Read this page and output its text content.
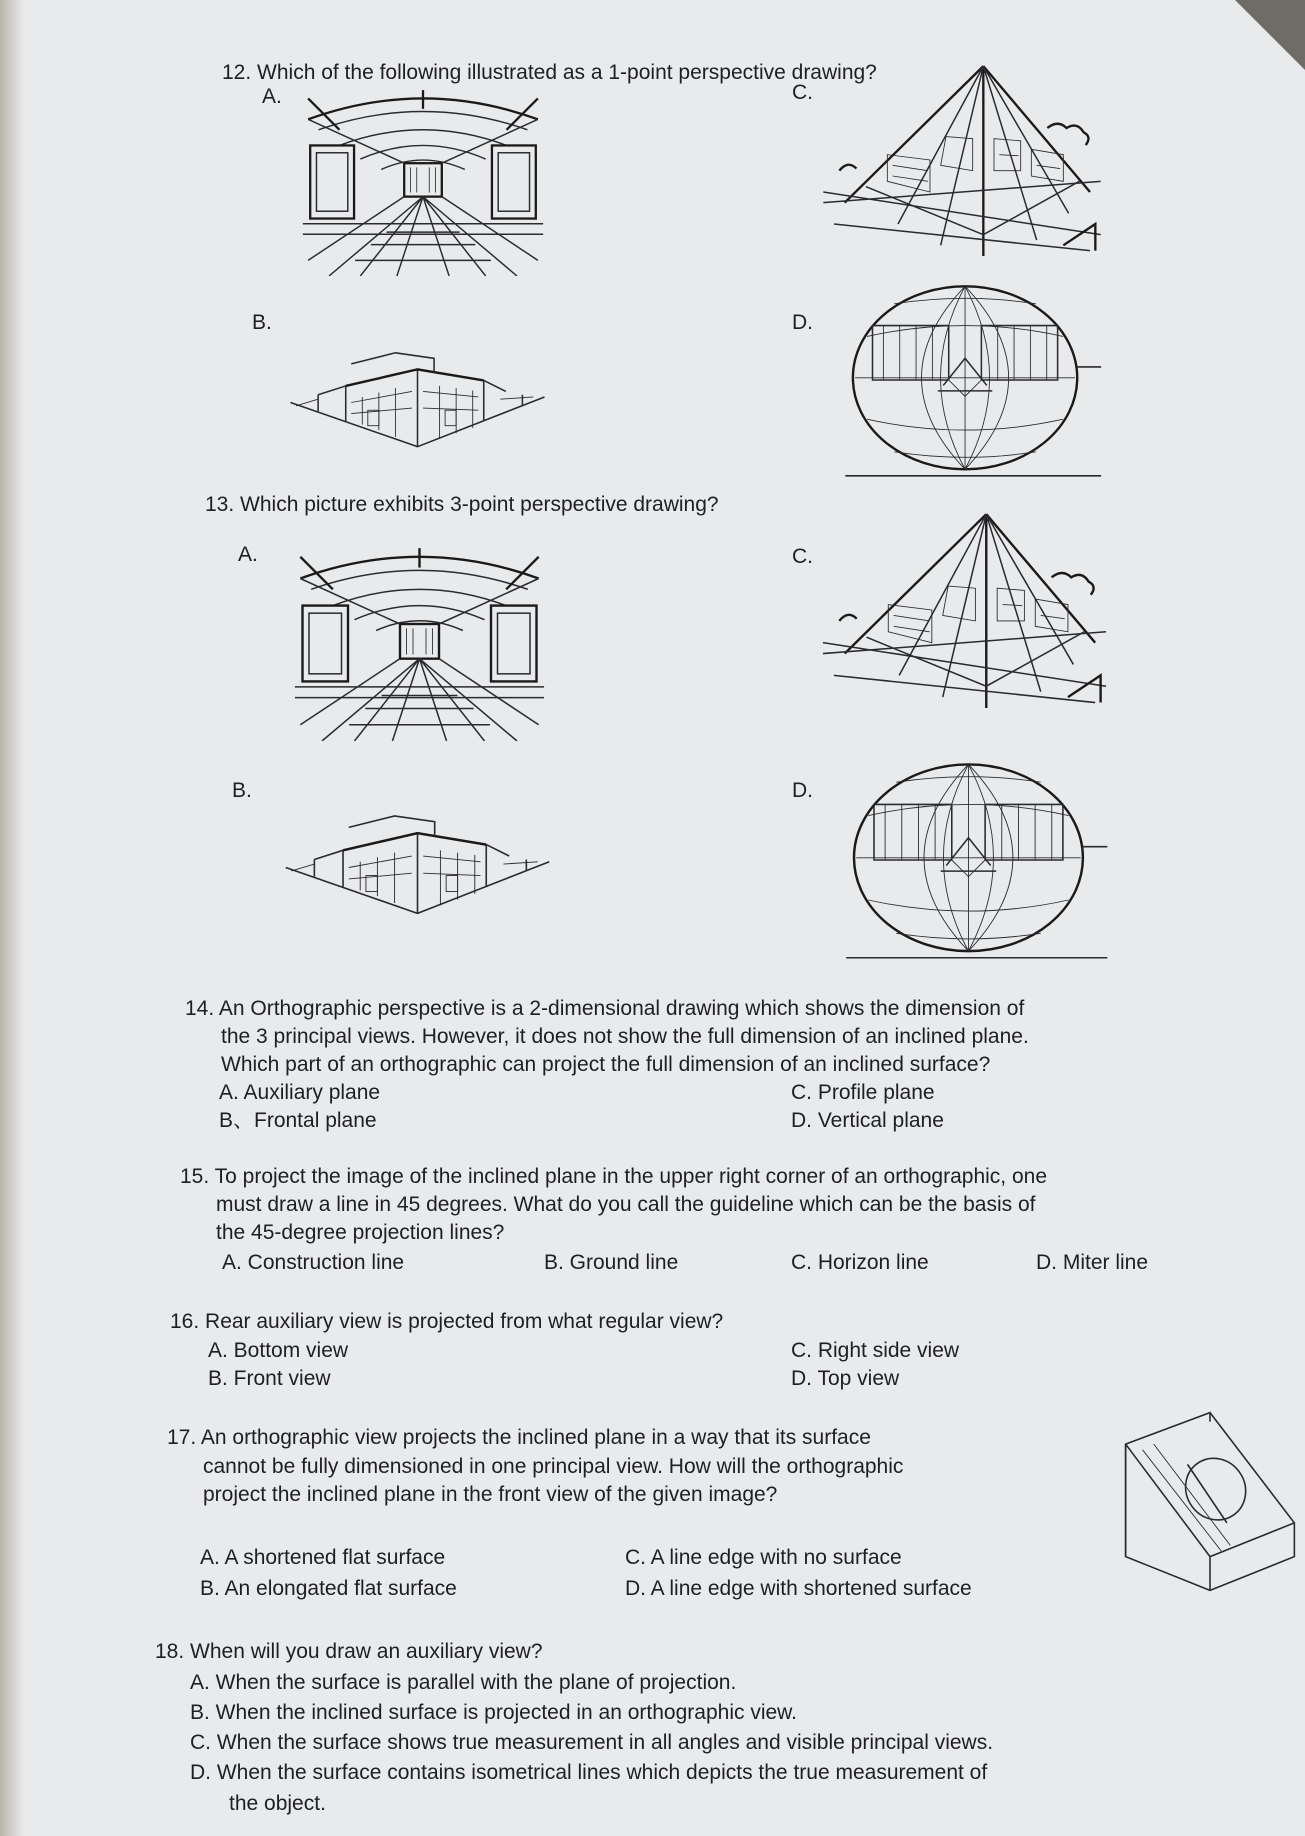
12. Which of the following illustrated as a 1-point perspective drawing?
A.	C.
B.	D.
13. Which picture exhibits 3-point perspective drawing?
A.	C.
B.	D.
14. An Orthographic perspective is a 2-dimensional drawing which shows the dimension of
the 3 principal views. However, it does not show the full dimension of an inclined plane.
Which part of an orthographic can project the full dimension of an inclined surface?
A. Auxiliary plane	C. Profile plane
B、Frontal plane	D. Vertical plane
15. To project the image of the inclined plane in the upper right corner of an orthographic, one
must draw a line in 45 degrees. What do you call the guideline which can be the basis of
the 45-degree projection lines?
A. Construction line	B. Ground line	C. Horizon line	D. Miter line
16. Rear auxiliary view is projected from what regular view?
A. Bottom view	C. Right side view
B. Front view	D. Top view
17. An orthographic view projects the inclined plane in a way that its surface
cannot be fully dimensioned in one principal view. How will the orthographic
project the inclined plane in the front view of the given image?
A. A shortened flat surface	C. A line edge with no surface
B. An elongated flat surface	D. A line edge with shortened surface
18. When will you draw an auxiliary view?
A. When the surface is parallel with the plane of projection.
B. When the inclined surface is projected in an orthographic view.
C. When the surface shows true measurement in all angles and visible principal views.
D. When the surface contains isometrical lines which depicts the true measurement of
the object.
